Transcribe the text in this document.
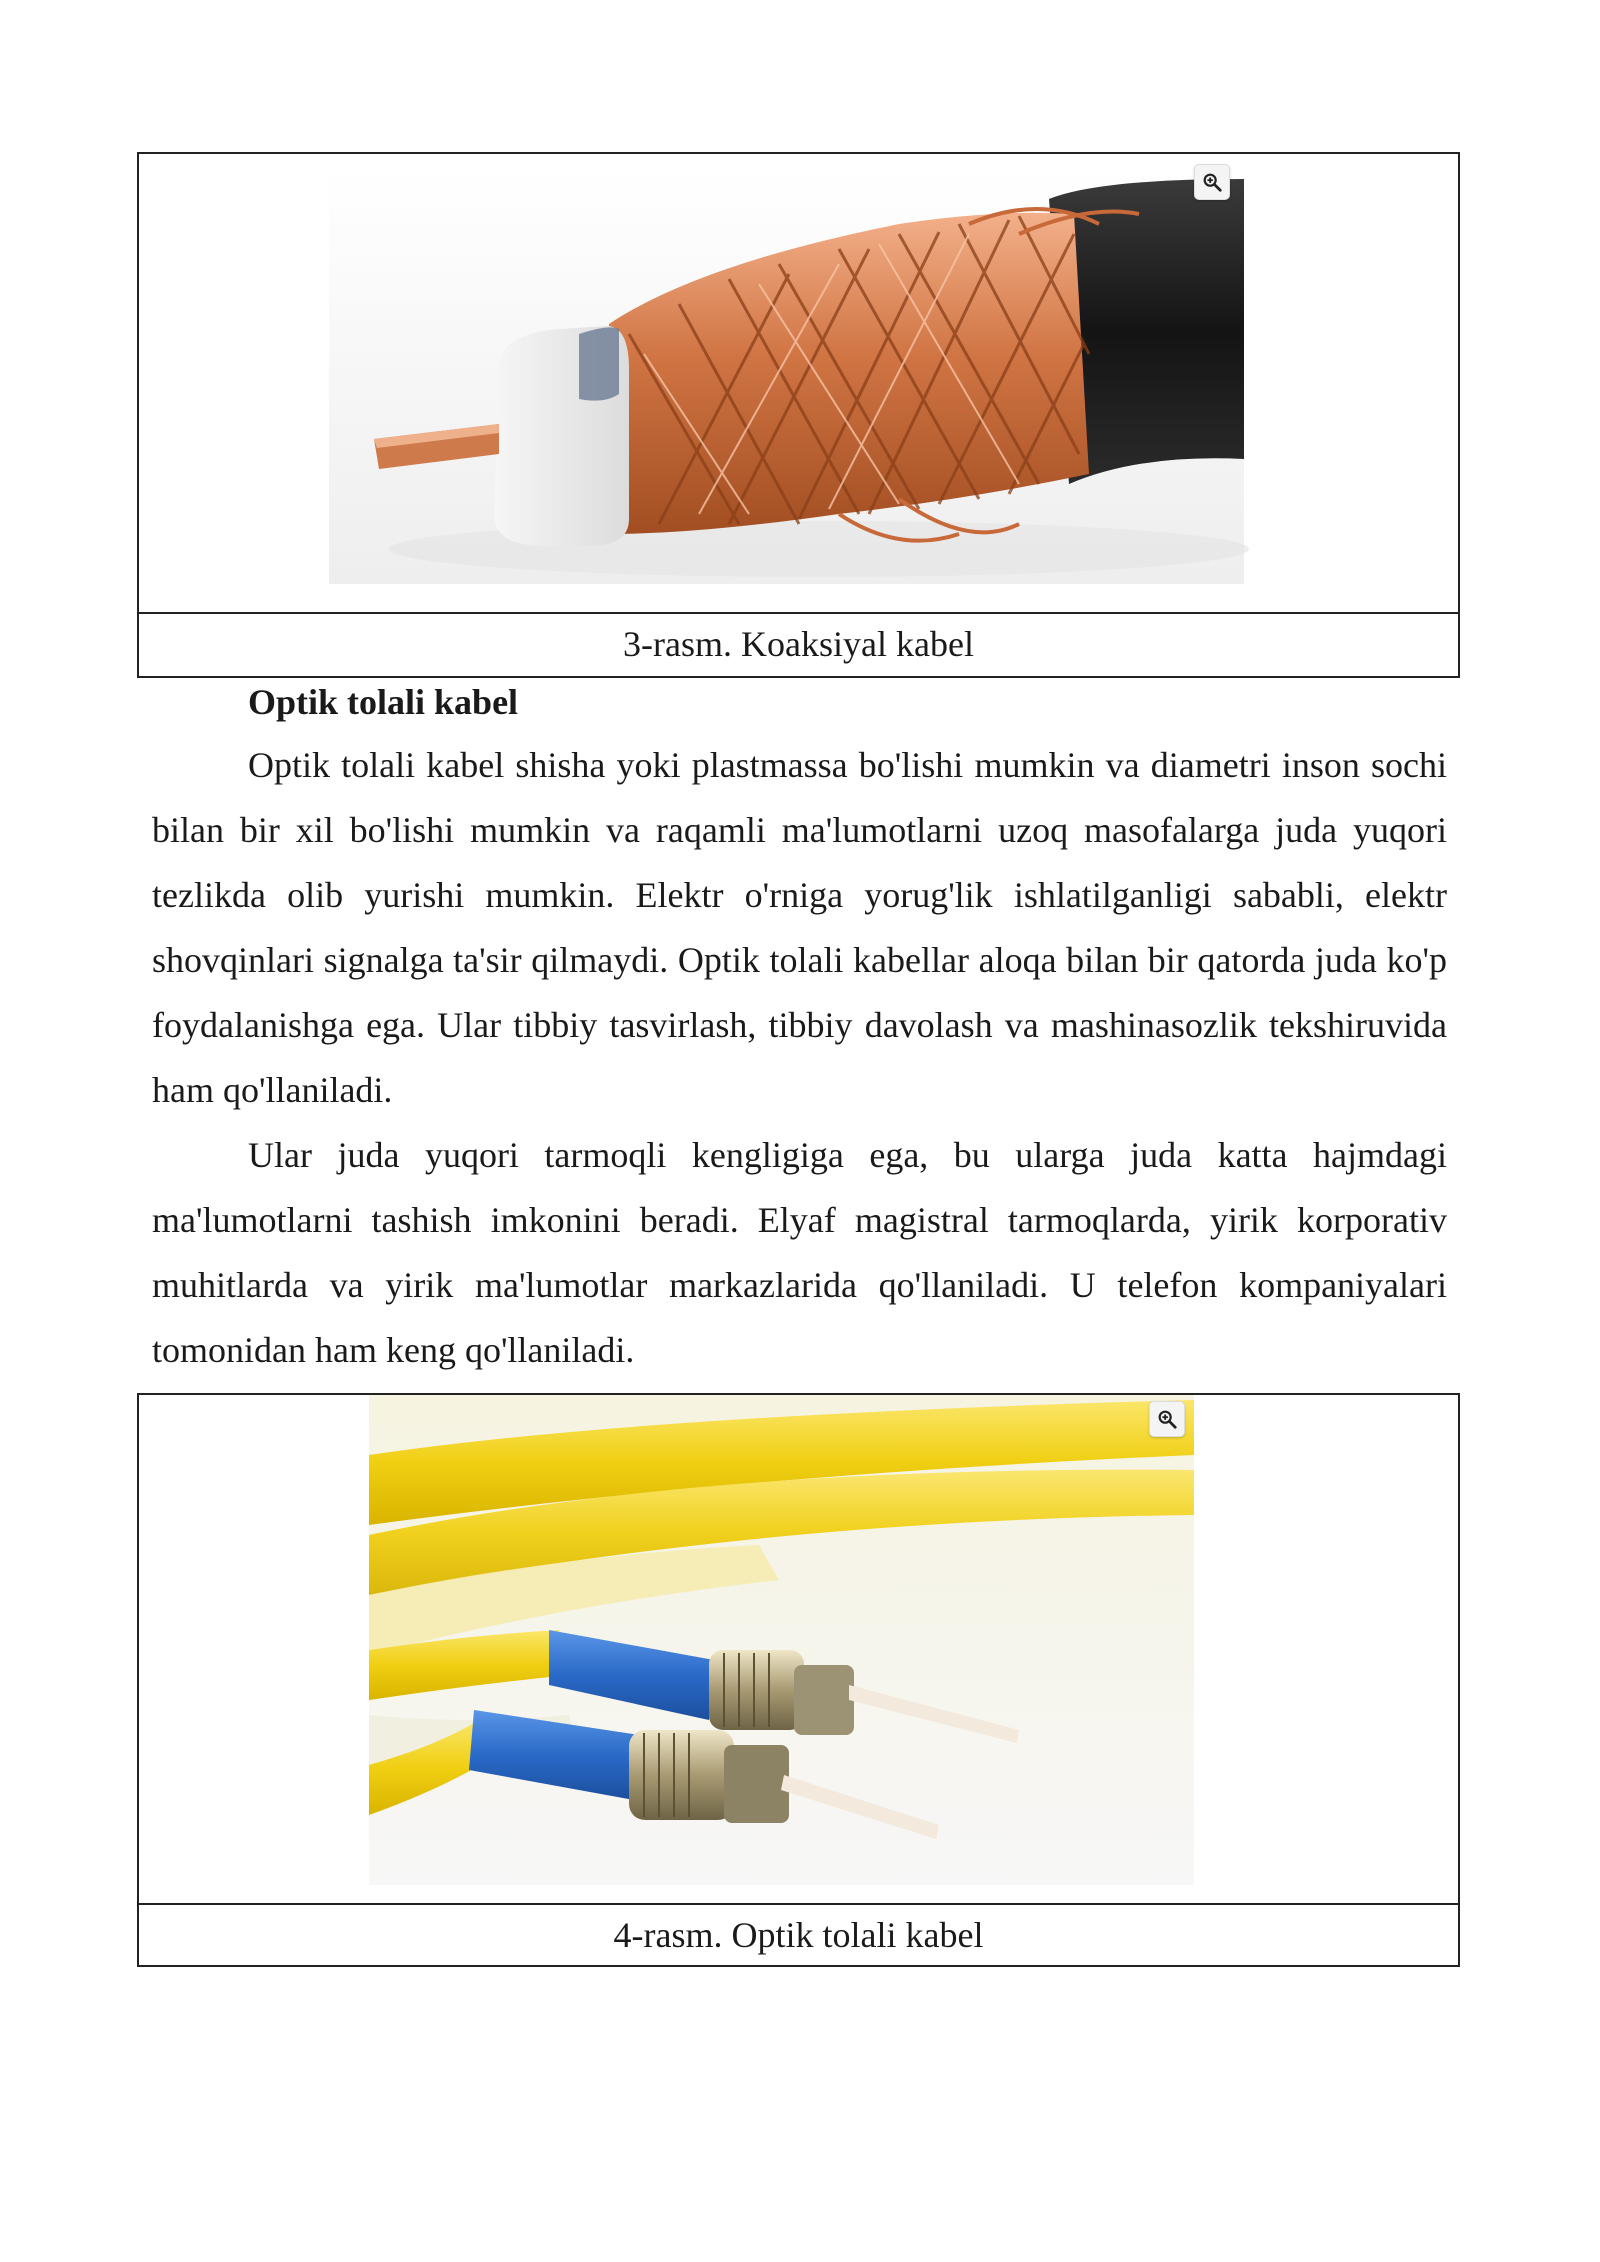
3-rasm. Koaksiyal kabel
Optik tolali kabel

Optik tolali kabel shisha yoki plastmassa bo'lishi mumkin va diametri inson sochi bilan bir xil bo'lishi mumkin va raqamli ma'lumotlarni uzoq masofalarga juda yuqori tezlikda olib yurishi mumkin. Elektr o'rniga yorug'lik ishlatilganligi sababli, elektr shovqinlari signalga ta'sir qilmaydi. Optik tolali kabellar aloqa bilan bir qatorda juda ko'p foydalanishga ega. Ular tibbiy tasvirlash, tibbiy davolash va mashinasozlik tekshiruvida ham qo'llaniladi.

Ular juda yuqori tarmoqli kengligiga ega, bu ularga juda katta hajmdagi ma'lumotlarni tashish imkonini beradi. Elyaf magistral tarmoqlarda, yirik korporativ muhitlarda va yirik ma'lumotlar markazlarida qo'llaniladi. U telefon kompaniyalari tomonidan ham keng qo'llaniladi.

4-rasm. Optik tolali kabel
